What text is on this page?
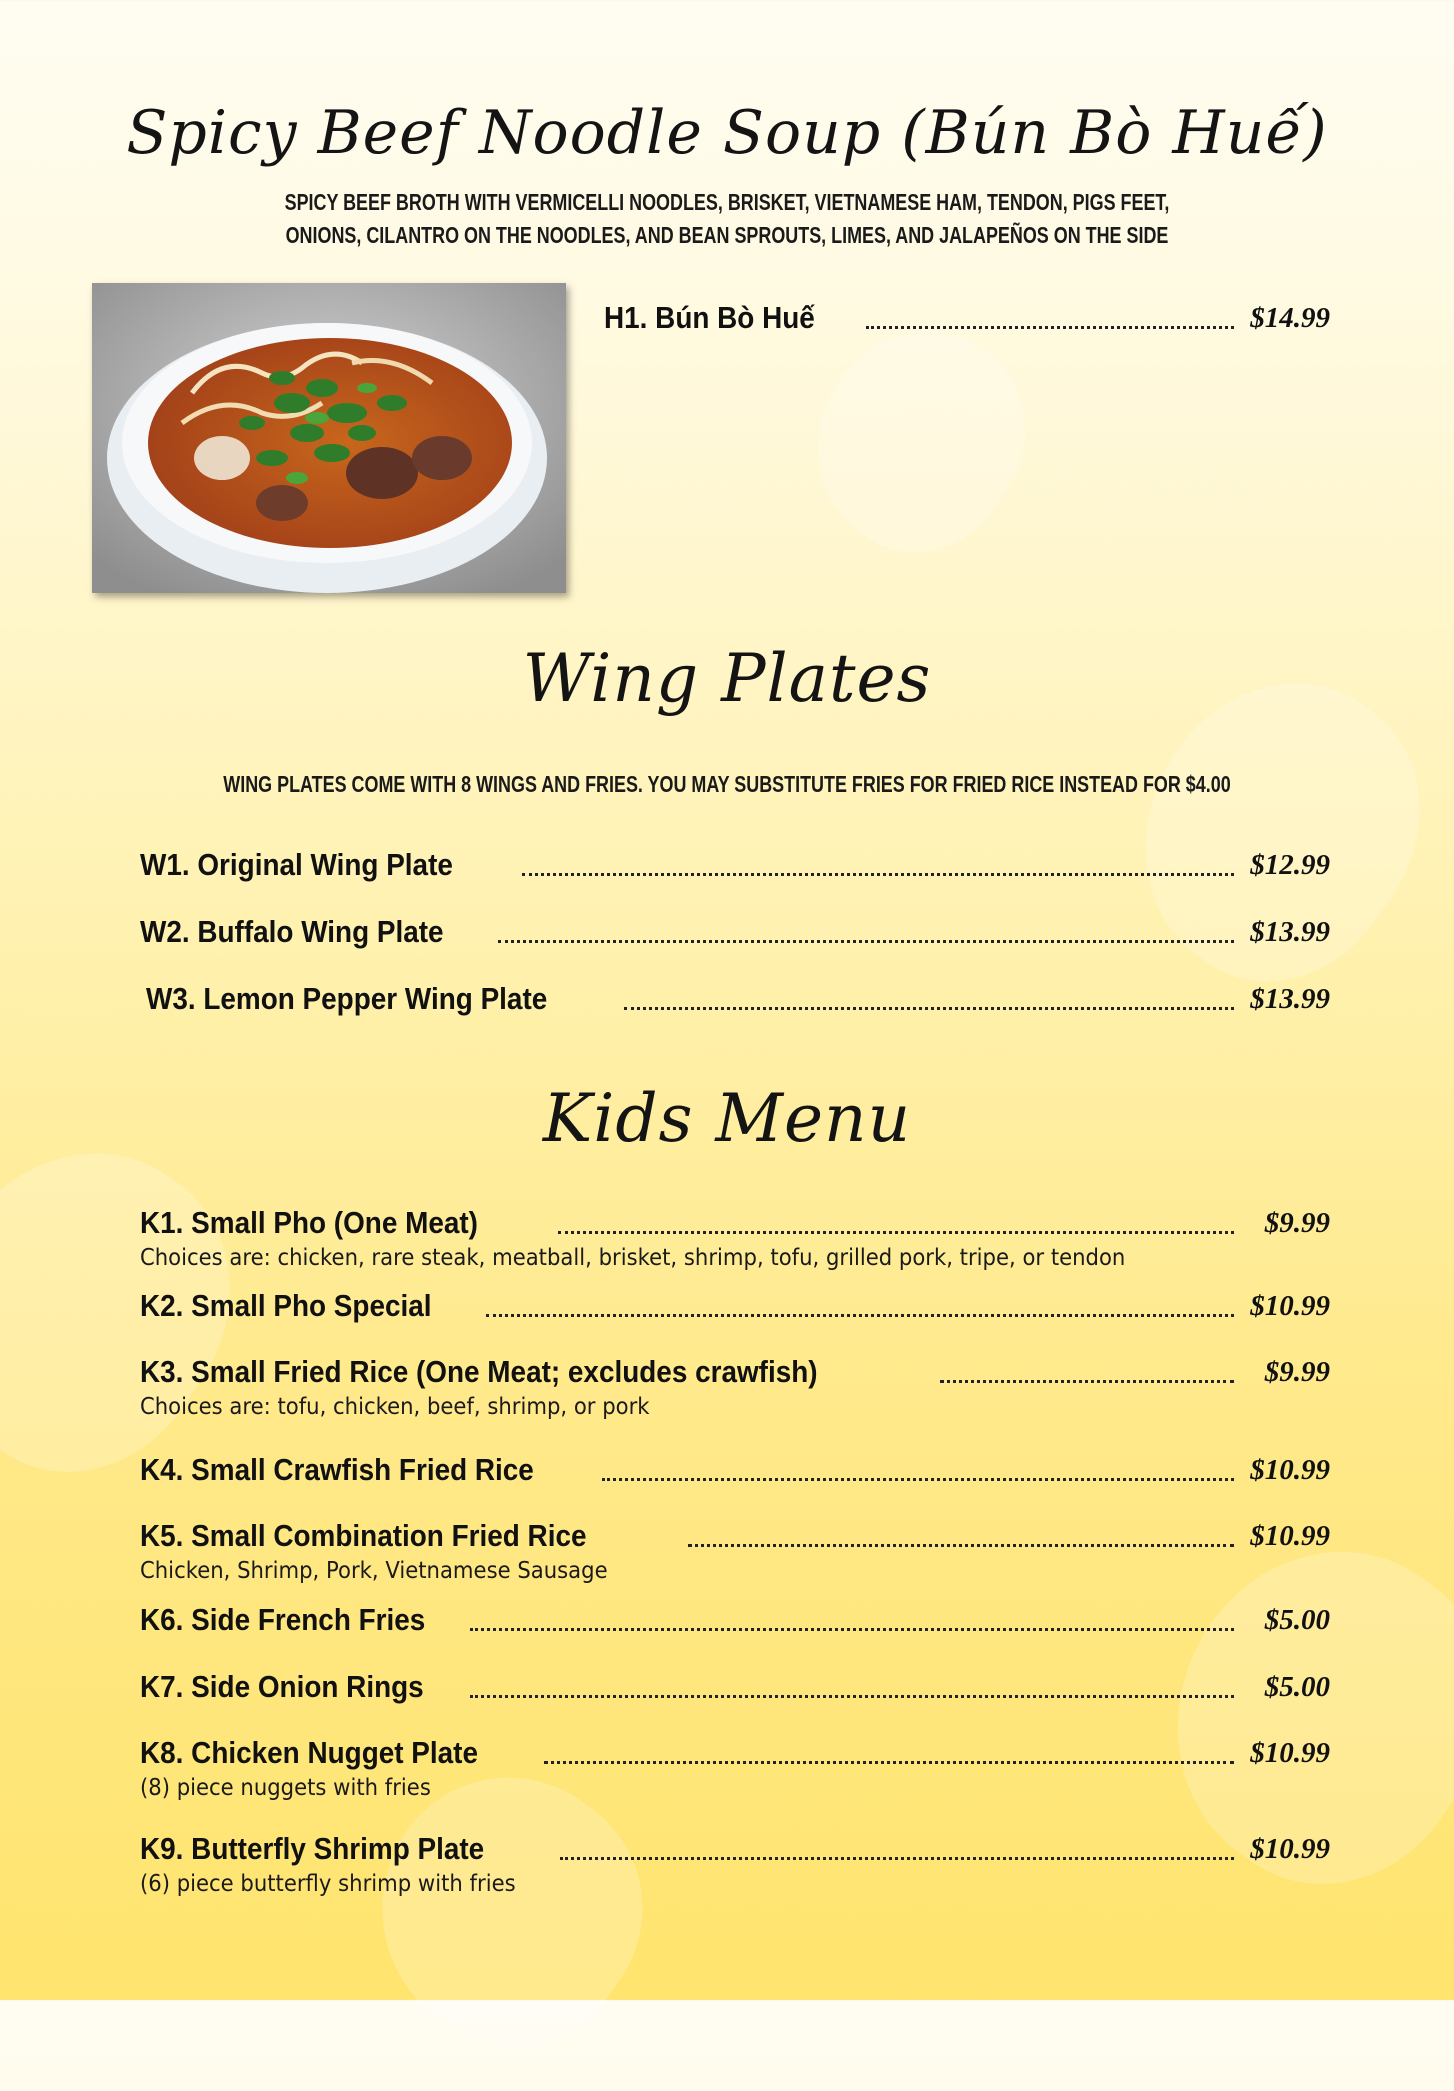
Spicy Beef Noodle Soup (Bún Bò Huế)
SPICY BEEF BROTH WITH VERMICELLI NOODLES, BRISKET, VIETNAMESE HAM, TENDON, PIGS FEET,
ONIONS, CILANTRO ON THE NOODLES, AND BEAN SPROUTS, LIMES, AND JALAPEÑOS ON THE SIDE
H1. Bún Bò Huế	$14.99
Wing Plates
WING PLATES COME WITH 8 WINGS AND FRIES. YOU MAY SUBSTITUTE FRIES FOR FRIED RICE INSTEAD FOR $4.00
W1. Original Wing Plate	$12.99
W2. Buffalo Wing Plate	$13.99
W3. Lemon Pepper Wing Plate	$13.99
Kids Menu
K1. Small Pho (One Meat)	$9.99
Choices are: chicken, rare steak, meatball, brisket, shrimp, tofu, grilled pork, tripe, or tendon
K2. Small Pho Special	$10.99
K3. Small Fried Rice (One Meat; excludes crawfish)	$9.99
Choices are: tofu, chicken, beef, shrimp, or pork
K4. Small Crawfish Fried Rice	$10.99
K5. Small Combination Fried Rice	$10.99
Chicken, Shrimp, Pork, Vietnamese Sausage
K6. Side French Fries	$5.00
K7. Side Onion Rings	$5.00
K8. Chicken Nugget Plate	$10.99
(8) piece nuggets with fries
K9. Butterfly Shrimp Plate	$10.99
(6) piece butterfly shrimp with fries
